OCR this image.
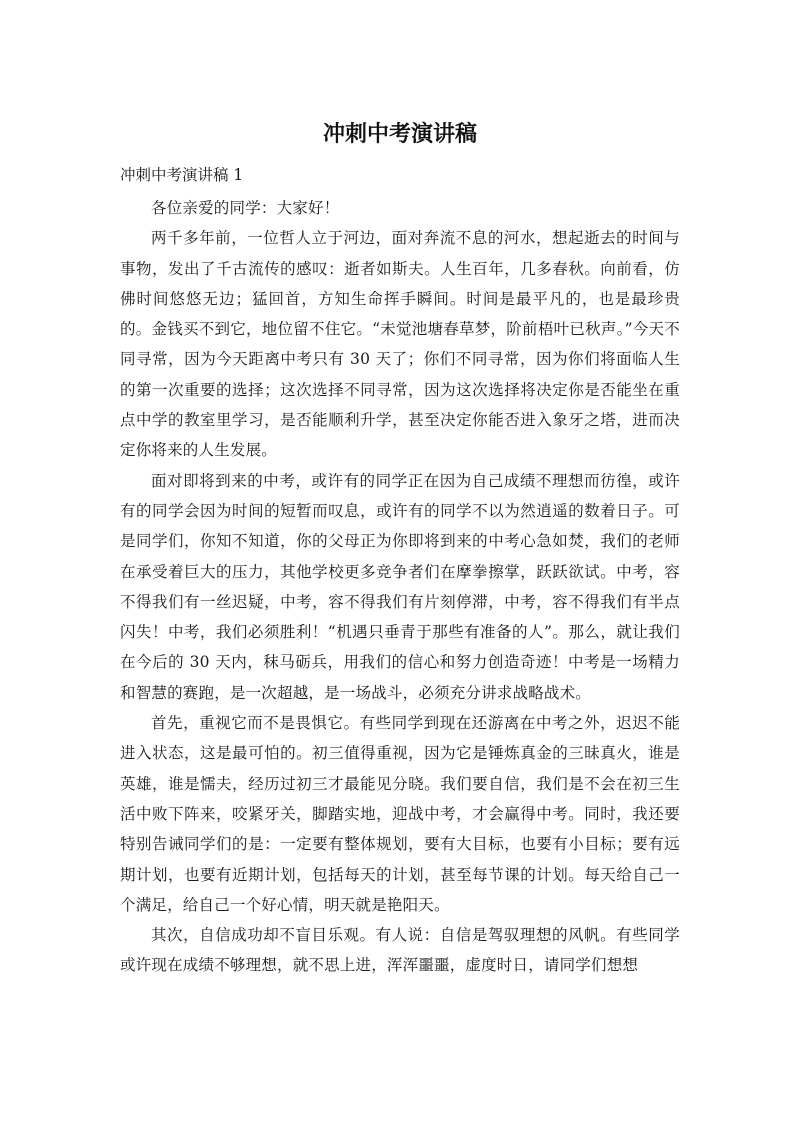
冲刺中考演讲稿

冲刺中考演讲稿 1

各位亲爱的同学：大家好！

两千多年前，一位哲人立于河边，面对奔流不息的河水，想起逝去的时间与事物，发出了千古流传的感叹：逝者如斯夫。人生百年，几多春秋。向前看，仿佛时间悠悠无边；猛回首，方知生命挥手瞬间。时间是最平凡的，也是最珍贵的。金钱买不到它，地位留不住它。“未觉池塘春草梦，阶前梧叶已秋声。”今天不同寻常，因为今天距离中考只有 30 天了；你们不同寻常，因为你们将面临人生的第一次重要的选择；这次选择不同寻常，因为这次选择将决定你是否能坐在重点中学的教室里学习，是否能顺利升学，甚至决定你能否进入象牙之塔，进而决定你将来的人生发展。

面对即将到来的中考，或许有的同学正在因为自己成绩不理想而彷徨，或许有的同学会因为时间的短暂而叹息，或许有的同学不以为然逍遥的数着日子。可是同学们，你知不知道，你的父母正为你即将到来的中考心急如焚，我们的老师在承受着巨大的压力，其他学校更多竞争者们在摩拳擦掌，跃跃欲试。中考，容不得我们有一丝迟疑，中考，容不得我们有片刻停滞，中考，容不得我们有半点闪失！中考，我们必须胜利！“机遇只垂青于那些有准备的人”。那么，就让我们在今后的 30 天内，秣马砺兵，用我们的信心和努力创造奇迹！中考是一场精力和智慧的赛跑，是一次超越，是一场战斗，必须充分讲求战略战术。

首先，重视它而不是畏惧它。有些同学到现在还游离在中考之外，迟迟不能进入状态，这是最可怕的。初三值得重视，因为它是锤炼真金的三昧真火，谁是英雄，谁是懦夫，经历过初三才最能见分晓。我们要自信，我们是不会在初三生活中败下阵来，咬紧牙关，脚踏实地，迎战中考，才会赢得中考。同时，我还要特别告诫同学们的是：一定要有整体规划，要有大目标，也要有小目标；要有远期计划，也要有近期计划，包括每天的计划，甚至每节课的计划。每天给自己一个满足，给自己一个好心情，明天就是艳阳天。

其次，自信成功却不盲目乐观。有人说：自信是驾驭理想的风帆。有些同学或许现在成绩不够理想，就不思上进，浑浑噩噩，虚度时日，请同学们想想
